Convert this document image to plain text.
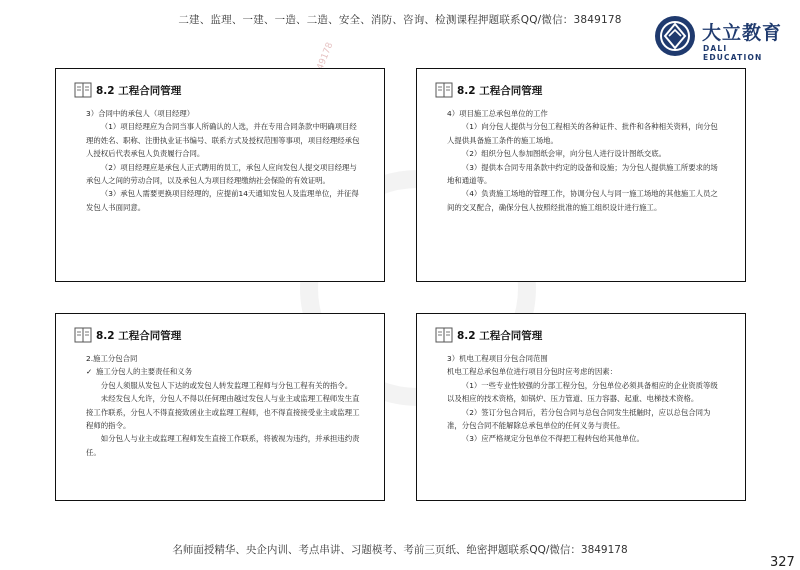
二建、监理、一建、一造、二造、安全、消防、咨询、检测课程押题联系QQ/微信：3849178
大立教育
DALI EDUCATION
8.2 工程合同管理

3）合同中的承包人（项目经理）

（1）项目经理应为合同当事人所确认的人选，并在专用合同条款中明确项目经理的姓名、职称、注册执业证书编号、联系方式及授权范围等事项，项目经理经承包人授权后代表承包人负责履行合同。

（2）项目经理应是承包人正式聘用的员工，承包人应向发包人提交项目经理与承包人之间的劳动合同，以及承包人为项目经理缴纳社会保险的有效证明。

（3）承包人需要更换项目经理的，应提前14天通知发包人及监理单位，并征得发包人书面同意。

8.2 工程合同管理

4）项目施工总承包单位的工作

（1）向分包人提供与分包工程相关的各种证件、批件和各种相关资料，向分包人提供具备施工条件的施工场地。

（2）组织分包人参加图纸会审，向分包人进行设计图纸交底。

（3）提供本合同专用条款中约定的设备和设施；为分包人提供施工所要求的场地和通道等。

（4）负责施工场地的管理工作，协调分包人与同一施工场地的其他施工人员之间的交叉配合，确保分包人按照经批准的施工组织设计进行施工。

8.2 工程合同管理

2.施工分包合同

✓ 施工分包人的主要责任和义务

分包人须服从发包人下达的或发包人转发监理工程师与分包工程有关的指令。

未经发包人允许，分包人不得以任何理由越过发包人与业主或监理工程师发生直接工作联系，分包人不得直接致函业主或监理工程师，也不得直接接受业主或监理工程师的指令。

如分包人与业主或监理工程师发生直接工作联系，将被视为违约，并承担违约责任。

8.2 工程合同管理

3）机电工程项目分包合同范围

机电工程总承包单位进行项目分包时应考虑的因素：

（1）一些专业性较强的分部工程分包，分包单位必须具备相应的企业资质等级以及相应的技术资格，如锅炉、压力管道、压力容器、起重、电梯技术资格。

（2）签订分包合同后，若分包合同与总包合同发生抵触时，应以总包合同为准，分包合同不能解除总承包单位的任何义务与责任。

（3）应严格规定分包单位不得把工程转包给其他单位。

名师面授精华、央企内训、考点串讲、习题模考、考前三页纸、绝密押题联系QQ/微信：3849178
327
